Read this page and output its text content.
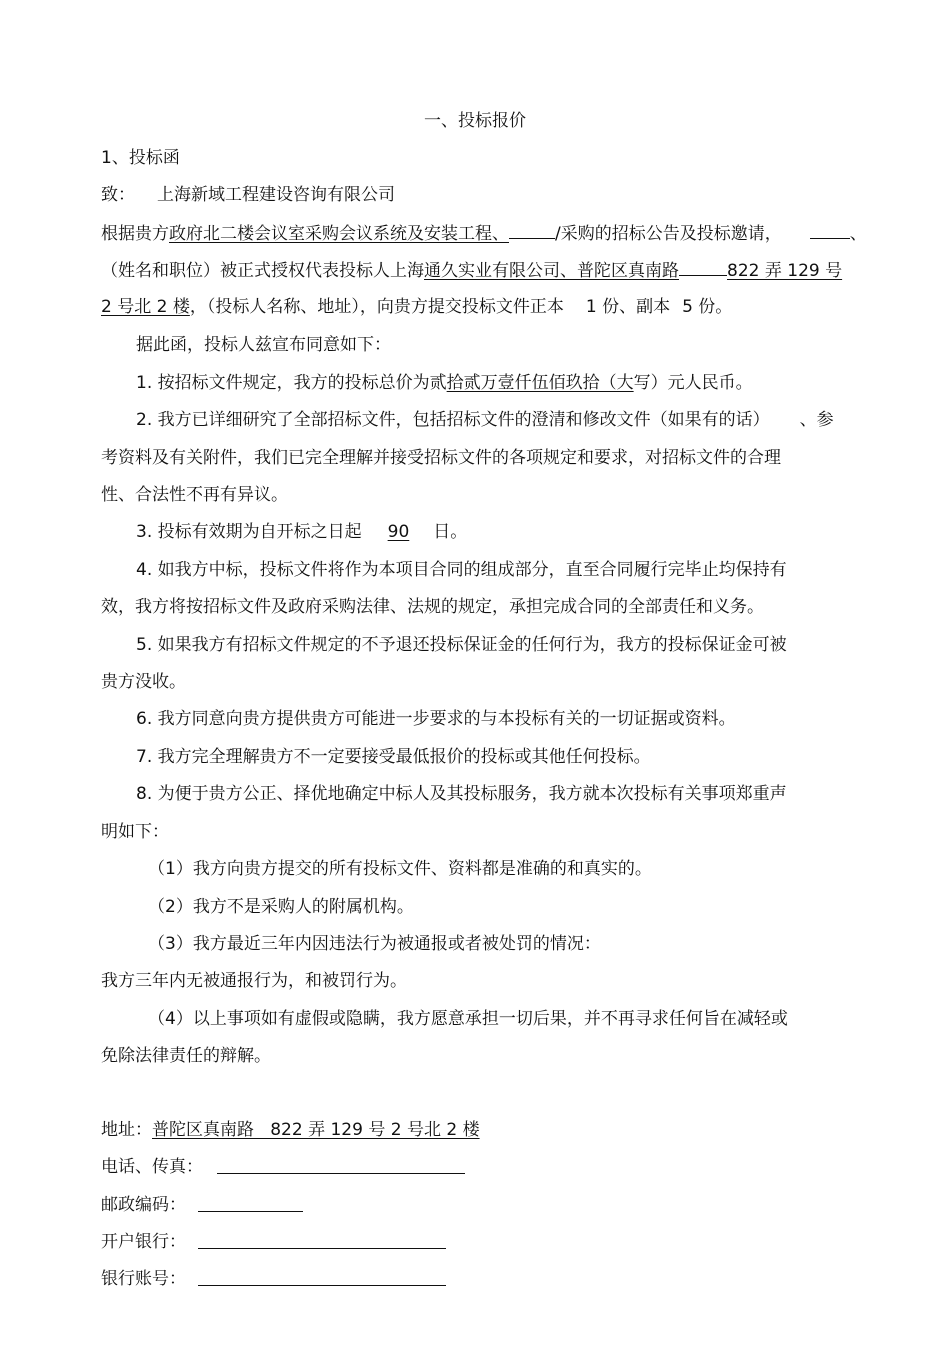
一、投标报价
1、投标函
致： 上海新域工程建设咨询有限公司
根据贵方政府北二楼会议室采购会议系统及安装工程、	/采购的招标公告及投标邀请，	、
（姓名和职位）被正式授权代表投标人上海通久实业有限公司、普陀区真南路	822 弄 129 号
2 号北 2 楼，（投标人名称、地址），向贵方提交投标文件正本 1 份、副本 5 份。
据此函，投标人兹宣布同意如下：
1. 按招标文件规定，我方的投标总价为贰拾贰万壹仟伍佰玖拾（大写）元人民币。
2. 我方已详细研究了全部招标文件，包括招标文件的澄清和修改文件（如果有的话） 、参
考资料及有关附件，我们已完全理解并接受招标文件的各项规定和要求，对招标文件的合理
性、合法性不再有异议。
3. 投标有效期为自开标之日起 90 日。
4. 如我方中标，投标文件将作为本项目合同的组成部分，直至合同履行完毕止均保持有
效，我方将按招标文件及政府采购法律、法规的规定，承担完成合同的全部责任和义务。
5. 如果我方有招标文件规定的不予退还投标保证金的任何行为，我方的投标保证金可被
贵方没收。
6. 我方同意向贵方提供贵方可能进一步要求的与本投标有关的一切证据或资料。
7. 我方完全理解贵方不一定要接受最低报价的投标或其他任何投标。
8. 为便于贵方公正、择优地确定中标人及其投标服务，我方就本次投标有关事项郑重声
明如下：
（1）我方向贵方提交的所有投标文件、资料都是准确的和真实的。
（2）我方不是采购人的附属机构。
（3）我方最近三年内因违法行为被通报或者被处罚的情况：
我方三年内无被通报行为，和被罚行为。
（4）以上事项如有虚假或隐瞒，我方愿意承担一切后果，并不再寻求任何旨在减轻或
免除法律责任的辩解。
地址：普陀区真南路   822 弄 129 号 2 号北 2 楼
电话、传真：
邮政编码：
开户银行：
银行账号：
